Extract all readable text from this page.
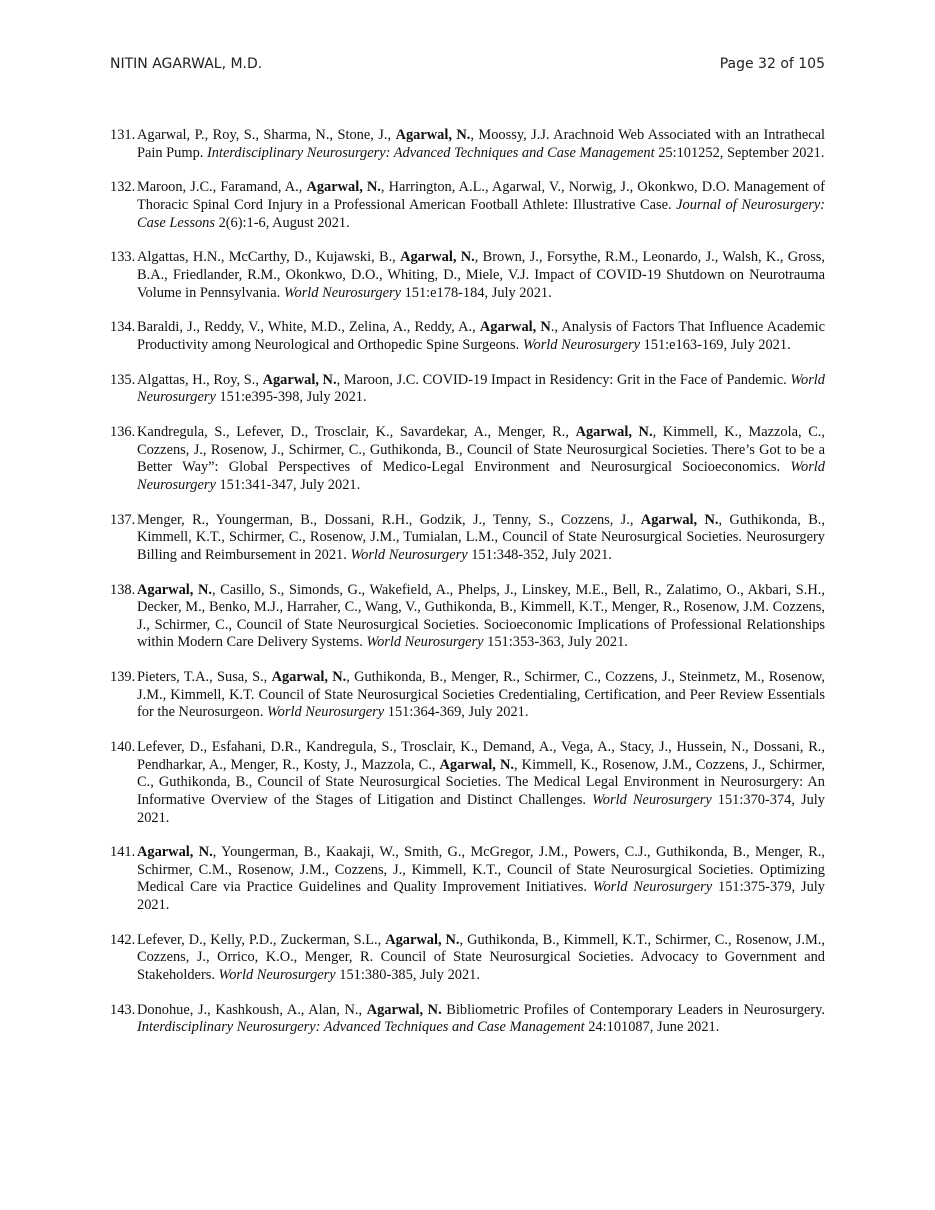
NITIN AGARWAL, M.D.	Page 32 of 105
131. Agarwal, P., Roy, S., Sharma, N., Stone, J., Agarwal, N., Moossy, J.J. Arachnoid Web Associated with an Intrathecal Pain Pump. Interdisciplinary Neurosurgery: Advanced Techniques and Case Management 25:101252, September 2021.
132. Maroon, J.C., Faramand, A., Agarwal, N., Harrington, A.L., Agarwal, V., Norwig, J., Okonkwo, D.O. Management of Thoracic Spinal Cord Injury in a Professional American Football Athlete: Illustrative Case. Journal of Neurosurgery: Case Lessons 2(6):1-6, August 2021.
133. Algattas, H.N., McCarthy, D., Kujawski, B., Agarwal, N., Brown, J., Forsythe, R.M., Leonardo, J., Walsh, K., Gross, B.A., Friedlander, R.M., Okonkwo, D.O., Whiting, D., Miele, V.J. Impact of COVID-19 Shutdown on Neurotrauma Volume in Pennsylvania. World Neurosurgery 151:e178-184, July 2021.
134. Baraldi, J., Reddy, V., White, M.D., Zelina, A., Reddy, A., Agarwal, N., Analysis of Factors That Influence Academic Productivity among Neurological and Orthopedic Spine Surgeons. World Neurosurgery 151:e163-169, July 2021.
135. Algattas, H., Roy, S., Agarwal, N., Maroon, J.C. COVID-19 Impact in Residency: Grit in the Face of Pandemic. World Neurosurgery 151:e395-398, July 2021.
136. Kandregula, S., Lefever, D., Trosclair, K., Savardekar, A., Menger, R., Agarwal, N., Kimmell, K., Mazzola, C., Cozzens, J., Rosenow, J., Schirmer, C., Guthikonda, B., Council of State Neurosurgical Societies. There’s Got to be a Better Way”: Global Perspectives of Medico-Legal Environment and Neurosurgical Socioeconomics. World Neurosurgery 151:341-347, July 2021.
137. Menger, R., Youngerman, B., Dossani, R.H., Godzik, J., Tenny, S., Cozzens, J., Agarwal, N., Guthikonda, B., Kimmell, K.T., Schirmer, C., Rosenow, J.M., Tumialan, L.M., Council of State Neurosurgical Societies. Neurosurgery Billing and Reimbursement in 2021. World Neurosurgery 151:348-352, July 2021.
138. Agarwal, N., Casillo, S., Simonds, G., Wakefield, A., Phelps, J., Linskey, M.E., Bell, R., Zalatimo, O., Akbari, S.H., Decker, M., Benko, M.J., Harraher, C., Wang, V., Guthikonda, B., Kimmell, K.T., Menger, R., Rosenow, J.M. Cozzens, J., Schirmer, C., Council of State Neurosurgical Societies. Socioeconomic Implications of Professional Relationships within Modern Care Delivery Systems. World Neurosurgery 151:353-363, July 2021.
139. Pieters, T.A., Susa, S., Agarwal, N., Guthikonda, B., Menger, R., Schirmer, C., Cozzens, J., Steinmetz, M., Rosenow, J.M., Kimmell, K.T. Council of State Neurosurgical Societies Credentialing, Certification, and Peer Review Essentials for the Neurosurgeon. World Neurosurgery 151:364-369, July 2021.
140. Lefever, D., Esfahani, D.R., Kandregula, S., Trosclair, K., Demand, A., Vega, A., Stacy, J., Hussein, N., Dossani, R., Pendharkar, A., Menger, R., Kosty, J., Mazzola, C., Agarwal, N., Kimmell, K., Rosenow, J.M., Cozzens, J., Schirmer, C., Guthikonda, B., Council of State Neurosurgical Societies. The Medical Legal Environment in Neurosurgery: An Informative Overview of the Stages of Litigation and Distinct Challenges. World Neurosurgery 151:370-374, July 2021.
141. Agarwal, N., Youngerman, B., Kaakaji, W., Smith, G., McGregor, J.M., Powers, C.J., Guthikonda, B., Menger, R., Schirmer, C.M., Rosenow, J.M., Cozzens, J., Kimmell, K.T., Council of State Neurosurgical Societies. Optimizing Medical Care via Practice Guidelines and Quality Improvement Initiatives. World Neurosurgery 151:375-379, July 2021.
142. Lefever, D., Kelly, P.D., Zuckerman, S.L., Agarwal, N., Guthikonda, B., Kimmell, K.T., Schirmer, C., Rosenow, J.M., Cozzens, J., Orrico, K.O., Menger, R. Council of State Neurosurgical Societies. Advocacy to Government and Stakeholders. World Neurosurgery 151:380-385, July 2021.
143. Donohue, J., Kashkoush, A., Alan, N., Agarwal, N. Bibliometric Profiles of Contemporary Leaders in Neurosurgery. Interdisciplinary Neurosurgery: Advanced Techniques and Case Management 24:101087, June 2021.
